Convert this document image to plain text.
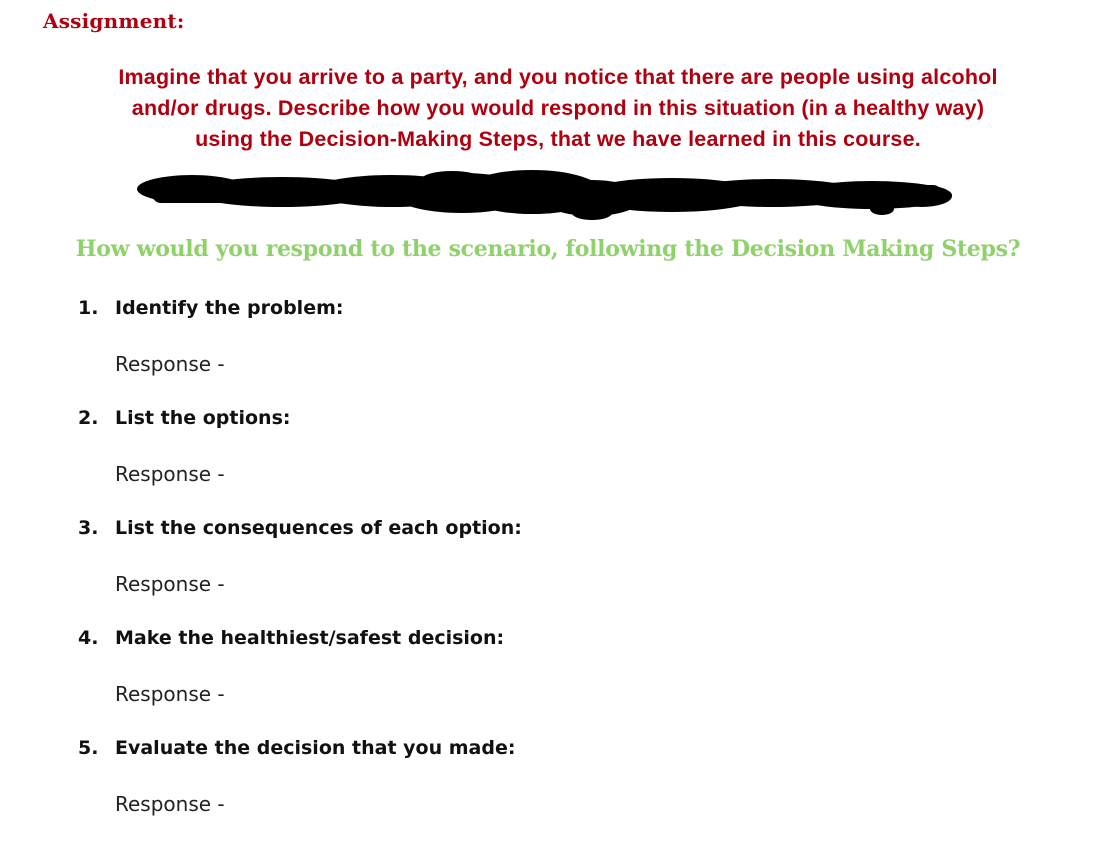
Assignment:
Imagine that you arrive to a party, and you notice that there are people using alcohol
and/or drugs. Describe how you would respond in this situation (in a healthy way)
using the Decision-Making Steps, that we have learned in this course.
How would you respond to the scenario, following the Decision Making Steps?
1. Identify the problem:
Response -
2. List the options:
Response -
3. List the consequences of each option:
Response -
4. Make the healthiest/safest decision:
Response -
5. Evaluate the decision that you made:
Response -
